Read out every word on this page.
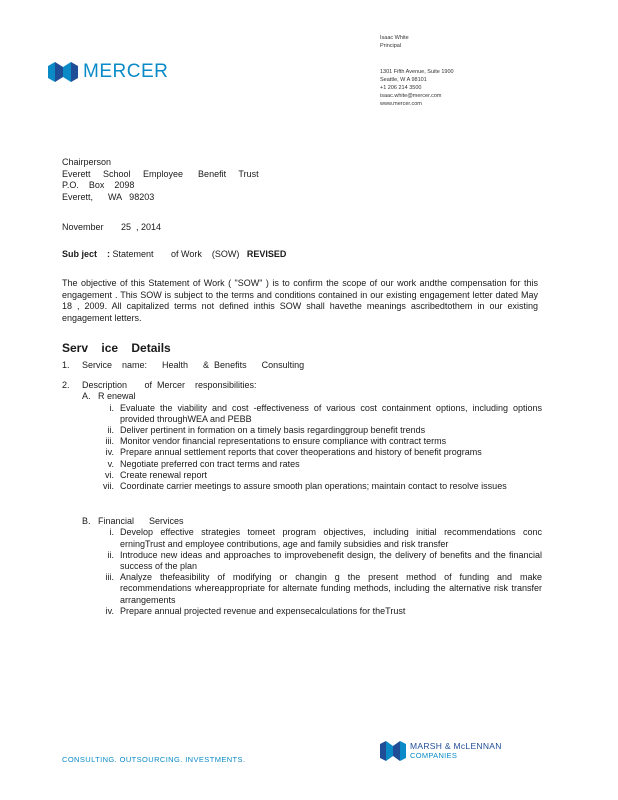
MERCER
Isaac White
Principal
1301 Fifth Avenue, Suite 1900
Seattle, W A 98101
+1 206 214 3500
isaac.white@mercer.com
www.mercer.com
Chairperson
Everett     School     Employee      Benefit     Trust
P.O.    Box    2098
Everett,      WA   98203
November       25  , 2014
Sub ject    : Statement       of Work    (SOW)   REVISED
The objective of this Statement of Work ( "SOW" ) is to confirm the scope of our work andthe compensation for this engagement . This SOW is subject to the terms and conditions contained in our existing engagement letter dated May 18 , 2009. All capitalized terms not defined inthis SOW shall havethe meanings ascribedtothem in our existing engagement letters.
Serv    ice    Details
1.	Service    name:      Health      &  Benefits      Consulting
2.	Description       of  Mercer    responsibilities:
A. R enewal
i. Evaluate the viability and cost -effectiveness of various cost containment options, including options provided throughWEA and PEBB
ii. Deliver pertinent in formation on a timely basis regardinggroup benefit trends
iii. Monitor vendor financial representations to ensure compliance with contract terms
iv. Prepare annual settlement reports that cover theoperations and history of benefit programs
v. Negotiate preferred con tract terms and rates
vi. Create renewal report
vii. Coordinate carrier meetings to assure smooth plan operations; maintain contact to resolve issues
B. Financial      Services
i. Develop effective strategies tomeet program objectives, including initial recommendations conc erningTrust and employee contributions, age and family subsidies and risk transfer
ii. Introduce new ideas and approaches to improvebenefit design, the delivery of benefits and the financial success of the plan
iii. Analyze thefeasibility of modifying or changin g the present method of funding and make recommendations whereappropriate for alternate funding methods, including the alternative risk transfer arrangements
iv. Prepare annual projected revenue and expensecalculations for theTrust
CONSULTING. OUTSOURCING. INVESTMENTS.
MARSH & McLENNAN
COMPANIES
